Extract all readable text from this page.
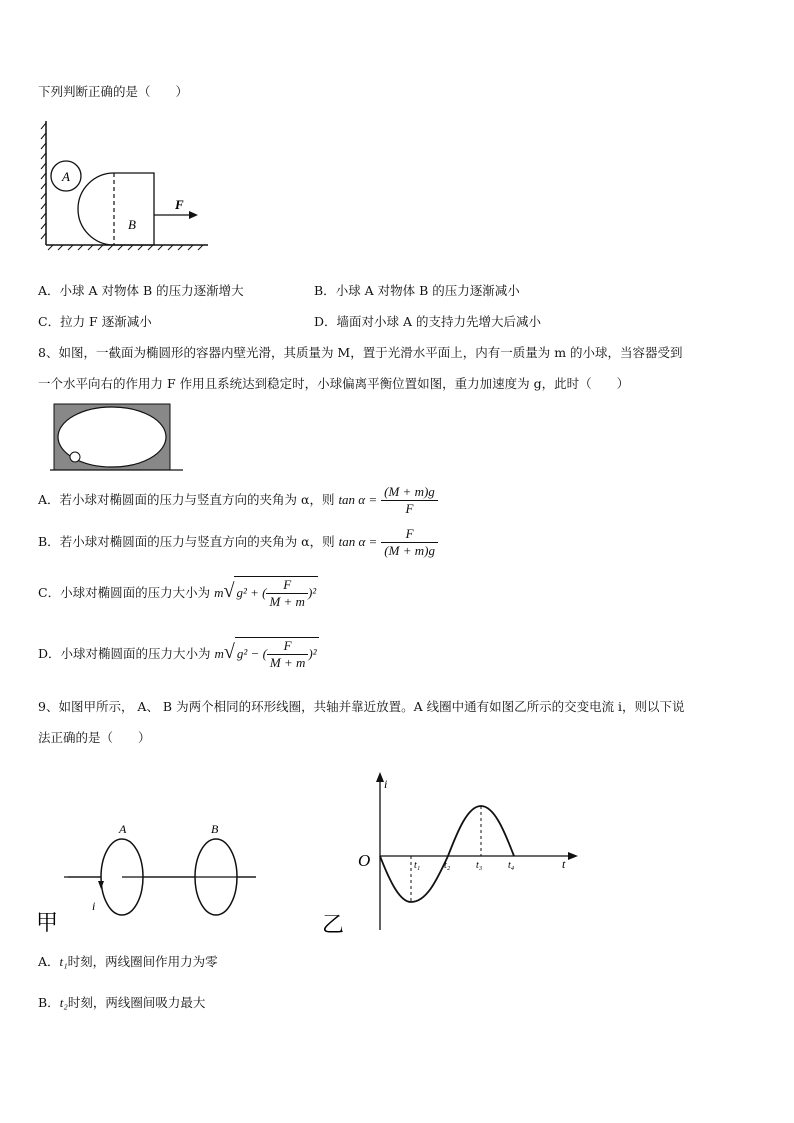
下列判断正确的是（　　）
A
B
F
A．小球 A 对物体 B 的压力逐渐增大	B．小球 A 对物体 B 的压力逐渐减小
C．拉力 F 逐渐减小	D．墙面对小球 A 的支持力先增大后减小
8、如图，一截面为椭圆形的容器内壁光滑，其质量为 M，置于光滑水平面上，内有一质量为 m 的小球，当容器受到
一个水平向右的作用力 F 作用且系统达到稳定时，小球偏离平衡位置如图，重力加速度为 g，此时（　　）
A．若小球对椭圆面的压力与竖直方向的夹角为 α，则 $\tan \alpha = \frac{(M + m)g}{F}$
B．若小球对椭圆面的压力与竖直方向的夹角为 α，则 $\tan \alpha = \frac{F}{(M + m)g}$
C．小球对椭圆面的压力大小为 m√ g² + ( $\frac{F}{M + m} )^2$
D．小球对椭圆面的压力大小为 m√ g² − ( $\frac{F}{M + m} )^2$
9、如图甲所示， A、 B 为两个相同的环形线圈，共轴并靠近放置。A 线圈中通有如图乙所示的交变电流 i，则以下说
法正确的是（　　）
A	B
i
甲
i
t
O	t₁ t₂	t₃	t₄
乙
A．t₁时刻，两线圈间作用力为零
B．t₂时刻，两线圈间吸力最大
